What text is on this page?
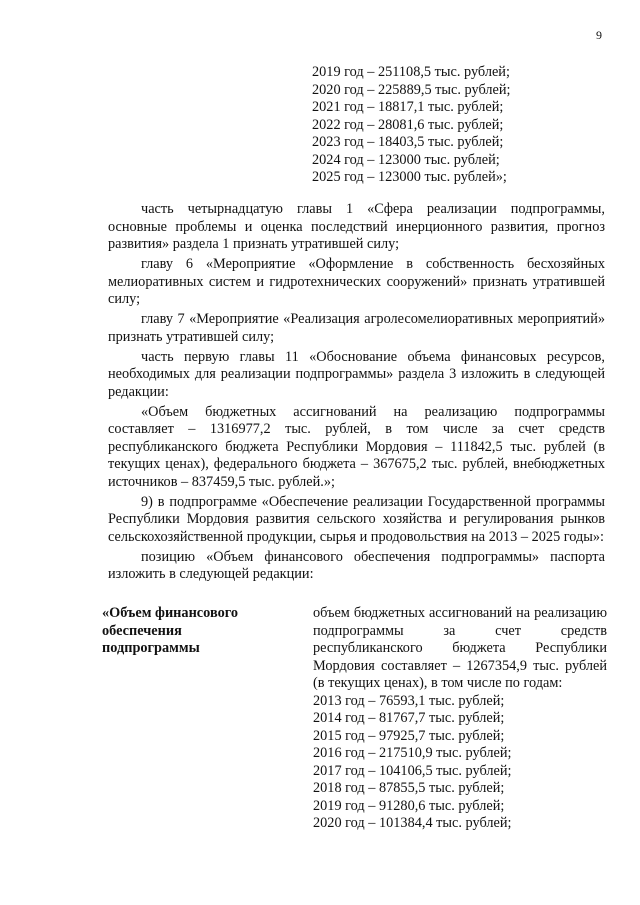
9
2019 год – 251108,5 тыс. рублей;
2020 год – 225889,5 тыс. рублей;
2021 год – 18817,1 тыс. рублей;
2022 год – 28081,6 тыс. рублей;
2023 год – 18403,5 тыс. рублей;
2024 год – 123000 тыс. рублей;
2025 год – 123000 тыс. рублей»;

часть четырнадцатую главы 1 «Сфера реализации подпрограммы, основные проблемы и оценка последствий инерционного развития, прогноз развития» раздела 1 признать утратившей силу;

главу 6 «Мероприятие «Оформление в собственность бесхозяйных мелиоративных систем и гидротехнических сооружений» признать утратившей силу;

главу 7 «Мероприятие «Реализация агролесомелиоративных мероприятий» признать утратившей силу;

часть первую главы 11 «Обоснование объема финансовых ресурсов, необходимых для реализации подпрограммы» раздела 3 изложить в следующей редакции:

«Объем бюджетных ассигнований на реализацию подпрограммы составляет – 1316977,2 тыс. рублей, в том числе за счет средств республиканского бюджета Республики Мордовия – 111842,5 тыс. рублей (в текущих ценах), федерального бюджета – 367675,2 тыс. рублей, внебюджетных источников – 837459,5 тыс. рублей.»;

9) в подпрограмме «Обеспечение реализации Государственной программы Республики Мордовия развития сельского хозяйства и регулирования рынков сельскохозяйственной продукции, сырья и продовольствия на 2013 – 2025 годы»:

позицию «Объем финансового обеспечения подпрограммы» паспорта изложить в следующей редакции:

«Объем финансового
обеспечения
подпрограммы
объем бюджетных ассигнований на реализацию подпрограммы за счет средств республиканского бюджета Республики Мордовия составляет – 1267354,9 тыс. рублей (в текущих ценах), в том числе по годам:
2013 год – 76593,1 тыс. рублей;
2014 год – 81767,7 тыс. рублей;
2015 год – 97925,7 тыс. рублей;
2016 год – 217510,9 тыс. рублей;
2017 год – 104106,5 тыс. рублей;
2018 год – 87855,5 тыс. рублей;
2019 год – 91280,6 тыс. рублей;
2020 год – 101384,4 тыс. рублей;
